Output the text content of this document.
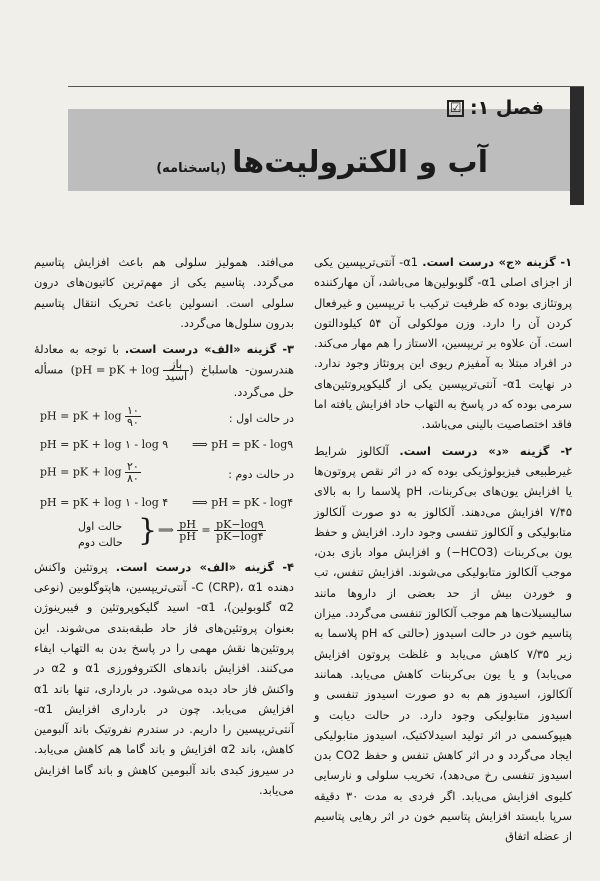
☑ فصل ۱:
آب و الکترولیت‌ها
(پاسخنامه)

۱- گزینه «ج» درست است. α1- آنتی‌تریپسین یکی از اجزای اصلی α1- گلوبولین‌ها می‌باشد، آن مهارکننده پروتئازی بوده که ظرفیت ترکیب با تریپسین و غیرفعال کردن آن را دارد. وزن مولکولی آن ۵۴ کیلودالتون است. آن علاوه بر تریپسین، الاستاز را هم مهار می‌کند. در افراد مبتلا به آمفیزم ریوی این پروتئاز وجود ندارد. در نهایت α1- آنتی‌تریپسین یکی از گلیکوپروتئین‌های سرمی بوده که در پاسخ به التهاب حاد افزایش یافته اما فاقد اختصاصیت بالینی می‌باشد.

۲- گزینه «د» درست است. آلکالوز شرایط غیرطبیعی فیزیولوژیکی بوده که در اثر نقص پروتون‌ها یا افزایش یون‌های بی‌کربنات، pH پلاسما را به بالای ۷/۴۵ افزایش می‌دهند. آلکالوز به دو صورت آلکالوز متابولیکی و آلکالوز تنفسی وجود دارد. افزایش و حفظ یون بی‌کربنات (HCO3−) و افزایش مواد بازی بدن، موجب آلکالوز متابولیکی می‌شوند. افزایش تنفس، تب و خوردن بیش از حد بعضی از داروها مانند سالیسیلات‌ها هم موجب آلکالوز تنفسی می‌گردد. میزان پتاسیم خون در حالت اسیدوز (حالتی که pH پلاسما به زیر ۷/۳۵ کاهش می‌یابد و غلظت پروتون افزایش می‌یابد) و یا یون بی‌کربنات کاهش می‌یابد. همانند آلکالوز، اسیدوز هم به دو صورت اسیدوز تنفسی و اسیدوز متابولیکی وجود دارد. در حالت دیابت و هیپوکسمی در اثر تولید اسیدلاکتیک، اسیدوز متابولیکی ایجاد می‌گردد و در اثر کاهش تنفس و حفظ CO2 بدن اسیدوز تنفسی رخ می‌دهد)، تخریب سلولی و نارسایی کلیوی افزایش می‌یابد. اگر فردی به مدت ۳۰ دقیقه سرپا بایستد افزایش پتاسیم خون در اثر رهایی پتاسیم از عضله اتفاق

می‌افتد. همولیز سلولی هم باعث افزایش پتاسیم می‌گردد. پتاسیم یکی از مهم‌ترین کاتیون‌های درون سلولی است. انسولین باعث تحریک انتقال پتاسیم بدرون سلول‌ها می‌گردد.

۳- گزینه «الف» درست است. با توجه به معادلهٔ هندرسون- هاسلباخ (pH = pK + $\log \frac{\text{باز}}{\text{اسید}}$ ) مسأله حل می‌گردد.

در حالت اول :
pH = pK + $\log \frac{۱۰}{۹۰}$
pH = pK + log ۱ - log ۹ ⟹ pH = pK - log۹
در حالت دوم :
pH = pK + $\log \frac{۲۰}{۸۰}$
pH = pK + log ۱ - log ۴ ⟹ pH = pK - log۴
حالت اول
حالت دوم } ⟹ $\frac{pH}{pH} = \frac{pK-\log ۹}{pK-\log ۴}$

۴- گزینه «الف» درست است. پروتئین واکنش دهنده C (CRP)، α1- آنتی‌تریپسین، هاپتوگلوبین (نوعی α2 گلوبولین)، α1- اسید گلیکوپروتئین و فیبرینوژن بعنوان پروتئین‌های فاز حاد طبقه‌بندی می‌شوند. این پروتئین‌ها نقش مهمی را در پاسخ بدن به التهاب ایفاء می‌کنند. افزایش باندهای الکتروفورزی α1 و α2 در واکنش فاز حاد دیده می‌شود. در بارداری، تنها باند α1 افزایش می‌یابد. چون در بارداری افزایش α1- آنتی‌تریپسین را داریم. در سندرم نفروتیک باند آلبومین کاهش، باند α2 افزایش و باند گاما هم کاهش می‌یابد. در سیروز کبدی باند آلبومین کاهش و باند گاما افزایش می‌یابد.
